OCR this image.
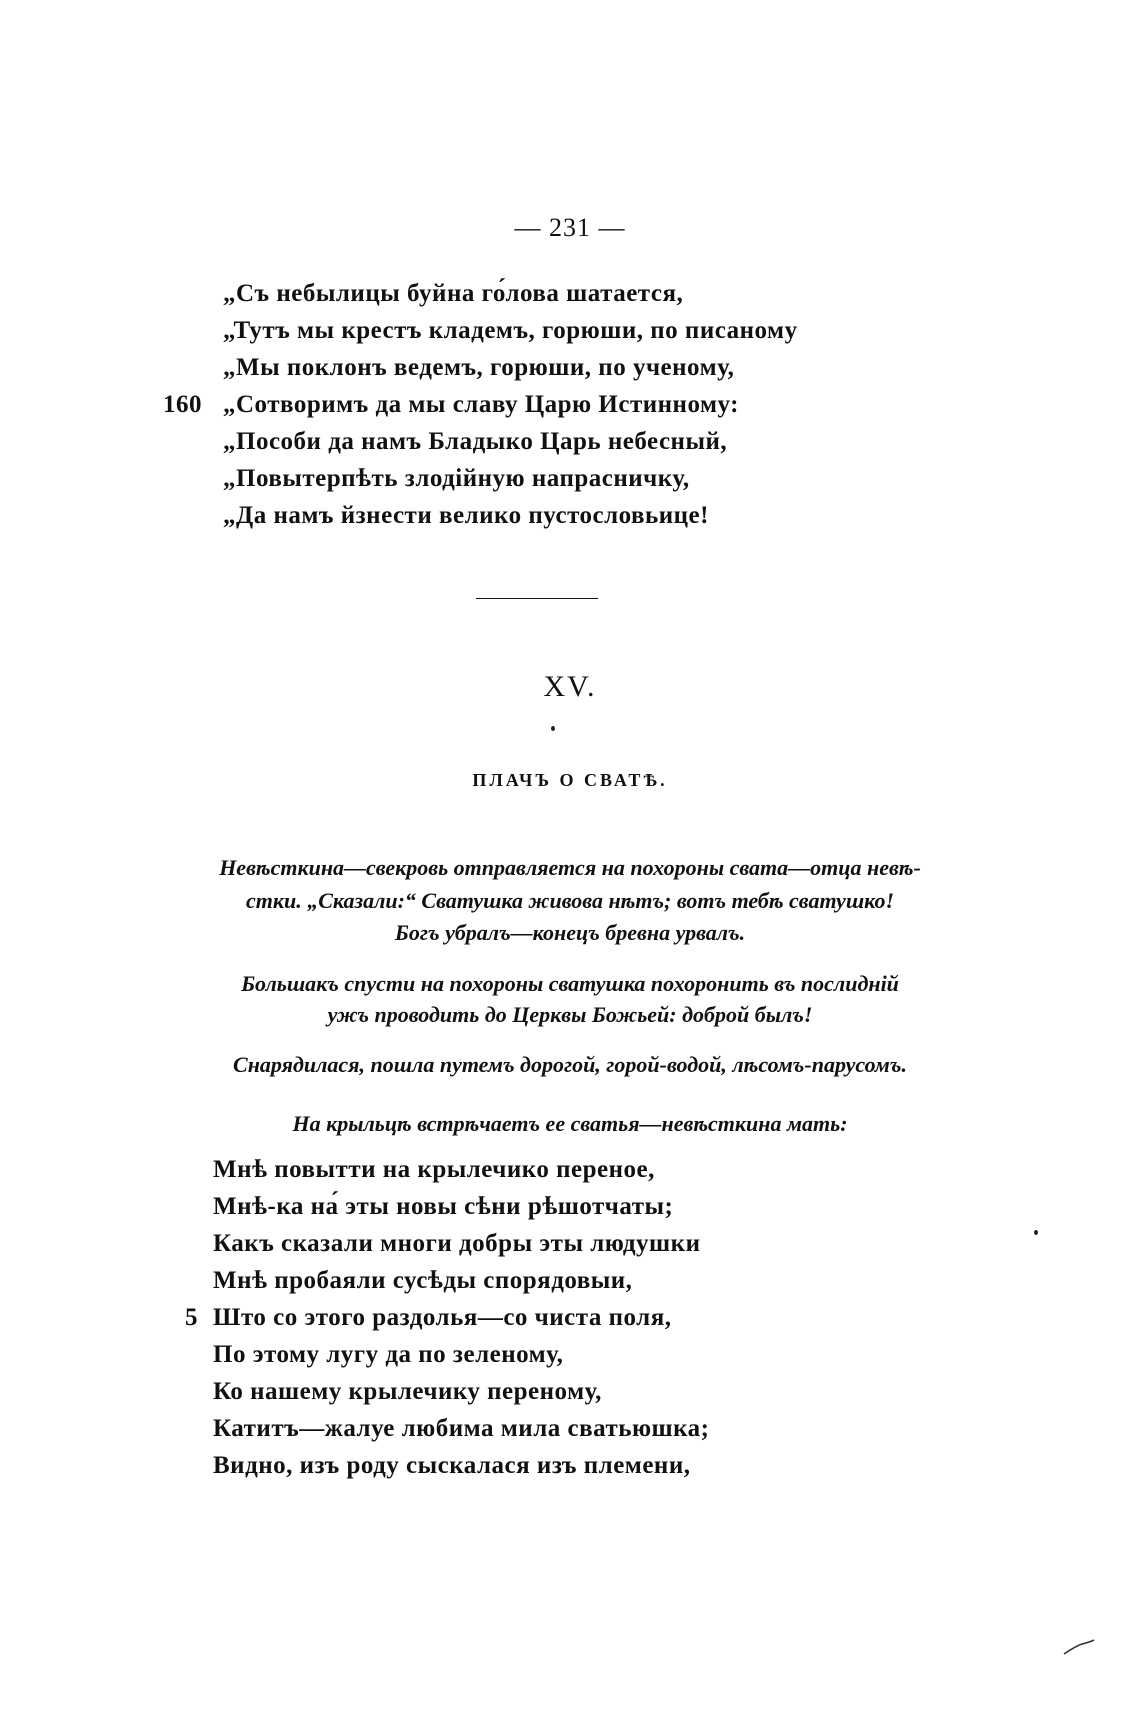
— 231 —
„Съ небылицы буйна го́лова шатается,
„Тутъ мы крестъ кладемъ, горюши, по писаному
„Мы поклонъ ведемъ, горюши, по ученому,
160 „Сотворимъ да мы славу Царю Истинному:
„Пособи да намъ Бладыко Царь небесный,
„Повытерпѣть злодійную напрасничку,
„Да намъ йзнести велико пустословьице!
XV.
ПЛАЧЪ О СВАТѢ.
Невѣсткина—свекровь отправляется на похороны свата—отца невѣ-
стки. „Сказали:“ Сватушка живова нѣтъ; вотъ тебѣ сватушко!
Богъ убралъ—конецъ бревна урвалъ.
Большакъ спусти на похороны сватушка похоронить въ послидній
ужъ проводить до Церквы Божьей: доброй былъ!
Снарядилася, пошла путемъ дорогой, горой-водой, лѣсомъ-парусомъ.
На крыльцѣ встрѣчаетъ ее сватья—невѣсткина мать:
Мнѣ повытти на крылечико переное,
Мнѣ-ка на́ эты новы сѣни рѣшотчаты;
Какъ сказали многи добры эты людушки
Мнѣ пробаяли сусѣды спорядовыи,
5 Што со этого раздолья—со чиста поля,
По этому лугу да по зеленому,
Ко нашему крылечику переному,
Катитъ—жалуе любима мила сватьюшка;
Видно, изъ роду сыскалася изъ племени,
